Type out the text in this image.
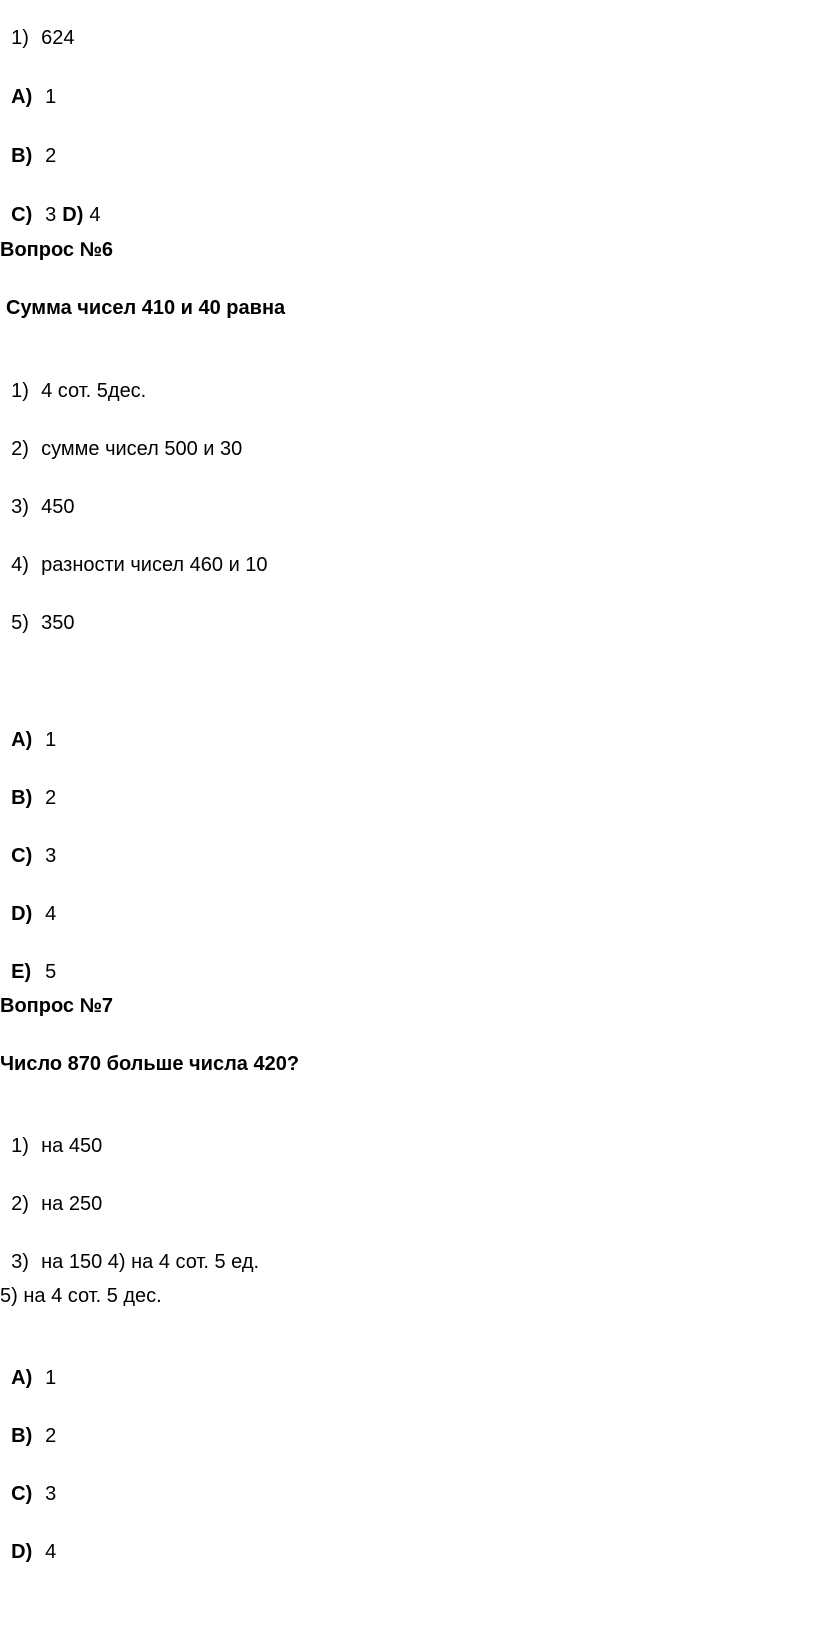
1) 624

A) 1

B) 2

C) 3 D) 4

Вопрос №6
Сумма чисел 410 и 40 равна

1) 4 сот. 5дес.

2) сумме чисел 500 и 30

3) 450

4) разности чисел 460 и 10

5) 350

A) 1

B) 2

C) 3

D) 4

E) 5

Вопрос №7
Число 870 больше числа 420?

1) на 450

2) на 250

3) на 150 4) на 4 сот. 5 ед.

5) на 4 сот. 5 дес.

A) 1

B) 2

C) 3

D) 4
